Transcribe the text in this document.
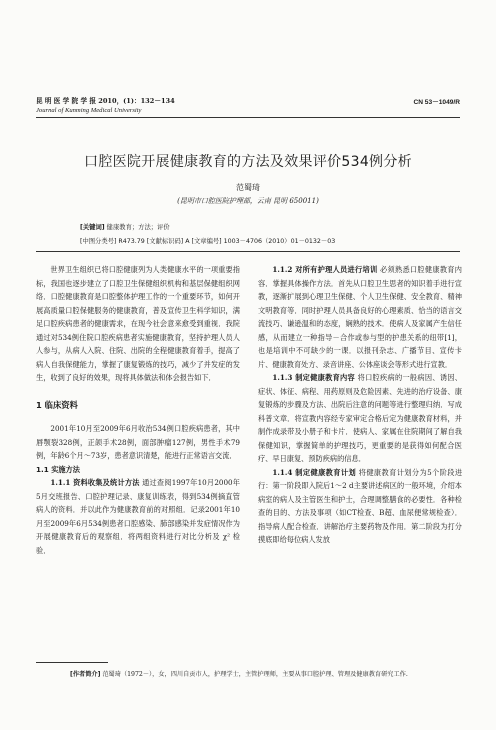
昆 明 医 学 院 学 报 2010，(1)：132－134
Journal of Kunming Medical University
CN 53－1049/R
口腔医院开展健康教育的方法及效果评价534例分析
范蜀琦
(昆明市口腔医院护理部，云南 昆明 650011)
[关键词] 健康教育；方法；评价
[中图分类号] R473.79 [文献标识码] A [文章编号] 1003－4706（2010）01－0132－03

世界卫生组织已将口腔健康列为人类健康水平的一项重要指标，我国也逐步建立了口腔卫生保健组织机构和基层保健组织网络．口腔健康教育是口腔整体护理工作的一个重要环节，如何开展高质量口腔保健服务的健康教育，普及宣传卫生科学知识，满足口腔疾病患者的健康需求，在现今社会意来愈受到重视．我院通过对534例住院口腔疾病患者实施健康教育，坚持护理人员人人参与，从病人入院、住院、出院的全程健康教育着手，提高了病人自我保健能力，掌握了康复锻炼的技巧，减少了并发症的发生，收到了良好的效果，现将具体做法和体会报告如下．

1 临床资料

2001年10月至2009年6月收治534例口腔疾病患者，其中唇颚裂328例，正颌手术28例，面部肿瘤127例，男性手术79例，年龄6个月～73岁，患者意识清楚，能进行正常语言交流．

1.1 实施方法

1.1.1 资料收集及统计方法 通过查阅1997年10月2000年5月交班报告、口腔护理记录、康复训练表，得到534例摘直管病人的资料．并以此作为健康教育前的对照组．记录2001年10月至2009年6月534例患者口腔感染、肺部感染并发症情况作为开展健康教育后的观察组．将两组资料进行对比分析及 χ² 检验．

1.1.2 对所有护理人员进行培训 必须熟悉口腔健康教育内容．掌握具体操作方法．首先从口腔卫生思者的知识着手进行宣教，逐渐扩展到心理卫生保健、个人卫生保健、安全教育、精神文明教育等．同时护理人员具备良好的心理素质、恰当的语言交流技巧、谦逊温和的态度，娴熟的技术．使病人及家属产生信任感，从而建立一种指导－合作或参与型的护患关系的纽带[1]，也是培训中不可缺少的一课．以报刊杂志、广播节目、宣传卡片、健康教育处方、录音讲座、公体座谈会等形式进行宣教．

1.1.3 制定健康教育内容 将口腔疾病的一般病因、诱因、症状、体征、病程、用药原则及危险因素、先进的治疗设备、康复锻炼的步骤及方法、出院后注意的问题等进行整理归纳．写成科普文章．将宣教内容经专家审定合格后定为健康教育材料，并制作成录带及小册子和卡片．使病人、家属在住院期间了解自我保健知识，掌握简单的护理技巧，更重要的是获得如何配合医疗、早日康复、预防疾病的信息．

1.1.4 制定健康教育计划 将健康教育计划分为5个阶段进行：第一阶段即入院后1～2 d主要讲述病区的一般环境，介绍本病室的病人及主管医生和护士，合理调整膳食的必要性．各种检查的目的、方法及事项（如CT检查、B超、血尿便常规检查）．指导病人配合检查．讲解治疗主要药物及作用．第二阶段为打分摸底即给每位病人发放

[作者简介] 范蜀琦（1972－），女，四川自贡市人，护理学士，主管护理师，主要从事口腔护理、管理及健康教育研究工作.
